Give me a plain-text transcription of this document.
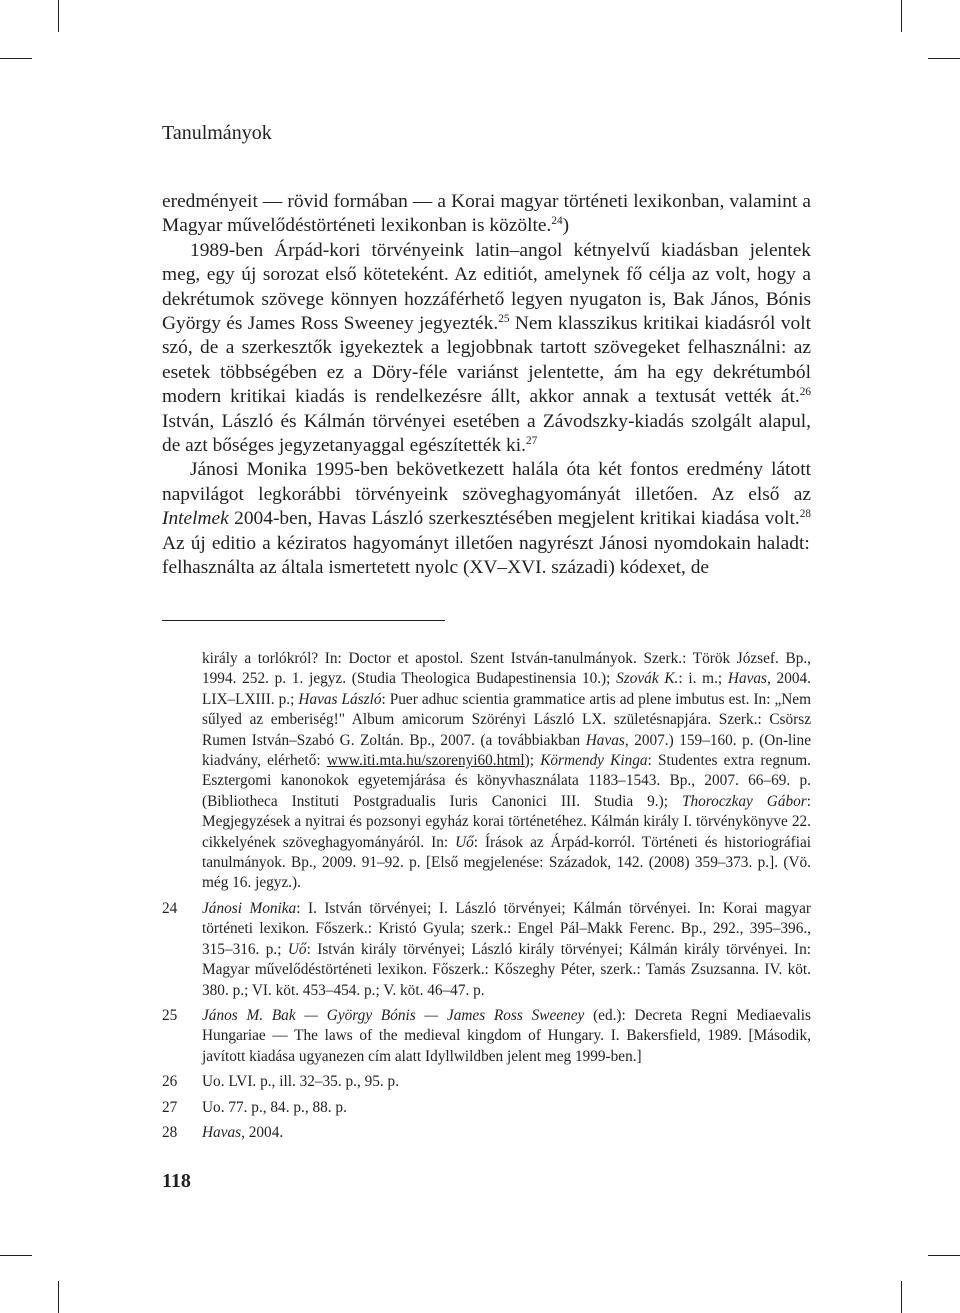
Tanulmányok

eredményeit — rövid formában — a Korai magyar történeti lexikonban, valamint a Magyar művelődéstörténeti lexikonban is közölte.$^{24}$)

1989-ben Árpád-kori törvényeink latin–angol kétnyelvű kiadásban jelentek meg, egy új sorozat első köteteként. Az editiót, amelynek fő célja az volt, hogy a dekrétumok szövege könnyen hozzáférhető legyen nyugaton is, Bak János, Bónis György és James Ross Sweeney jegyezték.$^{25}$ Nem klasszikus kritikai kiadásról volt szó, de a szerkesztők igyekeztek a legjobbnak tartott szövegeket felhasználni: az esetek többségében ez a Döry-féle variánst jelentette, ám ha egy dekrétumból modern kritikai kiadás is rendelkezésre állt, akkor annak a textusát vették át.$^{26}$ István, László és Kálmán törvényei esetében a Závodszky-kiadás szolgált alapul, de azt bőséges jegyzetanyaggal egészítették ki.$^{27}$

Jánosi Monika 1995-ben bekövetkezett halála óta két fontos eredmény látott napvilágot legkorábbi törvényeink szöveghagyományát illetően. Az első az Intelmek 2004-ben, Havas László szerkesztésében megjelent kritikai kiadása volt.$^{28}$ Az új editio a kéziratos hagyományt illetően nagyrészt Jánosi nyomdokain haladt: felhasználta az általa ismertetett nyolc (XV–XVI. századi) kódexet, de

király a torlókról? In: Doctor et apostol. Szent István-tanulmányok. Szerk.: Török József. Bp., 1994. 252. p. 1. jegyz. (Studia Theologica Budapestinensia 10.); Szovák K.: i. m.; Havas, 2004. LIX–LXIII. p.; Havas László: Puer adhuc scientia grammatice artis ad plene imbutus est. In: „Nem sűlyed az emberiség!" Album amicorum Szörényi László LX. születésnapjára. Szerk.: Csörsz Rumen István–Szabó G. Zoltán. Bp., 2007. (a továbbiakban Havas, 2007.) 159–160. p. (On-line kiadvány, elérhető: www.iti.mta.hu/szorenyi60.html); Körmendy Kinga: Studentes extra regnum. Esztergomi kanonokok egyetemjárása és könyvhasználata 1183–1543. Bp., 2007. 66–69. p. (Bibliotheca Instituti Postgradualis Iuris Canonici III. Studia 9.); Thoroczkay Gábor: Megjegyzések a nyitrai és pozsonyi egyház korai történetéhez. Kálmán király I. törvénykönyve 22. cikkelyének szöveghagyományáról. In: Uő: Írások az Árpád-korról. Történeti és historiográfiai tanulmányok. Bp., 2009. 91–92. p. [Első megjelenése: Századok, 142. (2008) 359–373. p.]. (Vö. még 16. jegyz.).
24	Jánosi Monika: I. István törvényei; I. László törvényei; Kálmán törvényei. In: Korai magyar történeti lexikon. Főszerk.: Kristó Gyula; szerk.: Engel Pál–Makk Ferenc. Bp., 292., 395–396., 315–316. p.; Uő: István király törvényei; László király törvényei; Kálmán király törvényei. In: Magyar művelődéstörténeti lexikon. Főszerk.: Kőszeghy Péter, szerk.: Tamás Zsuzsanna. IV. köt. 380. p.; VI. köt. 453–454. p.; V. köt. 46–47. p.
25	János M. Bak — György Bónis — James Ross Sweeney (ed.): Decreta Regni Mediaevalis Hungariae — The laws of the medieval kingdom of Hungary. I. Bakersfield, 1989. [Második, javított kiadása ugyanezen cím alatt Idyllwildben jelent meg 1999-ben.]
26	Uo. LVI. p., ill. 32–35. p., 95. p.
27	Uo. 77. p., 84. p., 88. p.
28	Havas, 2004.
118
